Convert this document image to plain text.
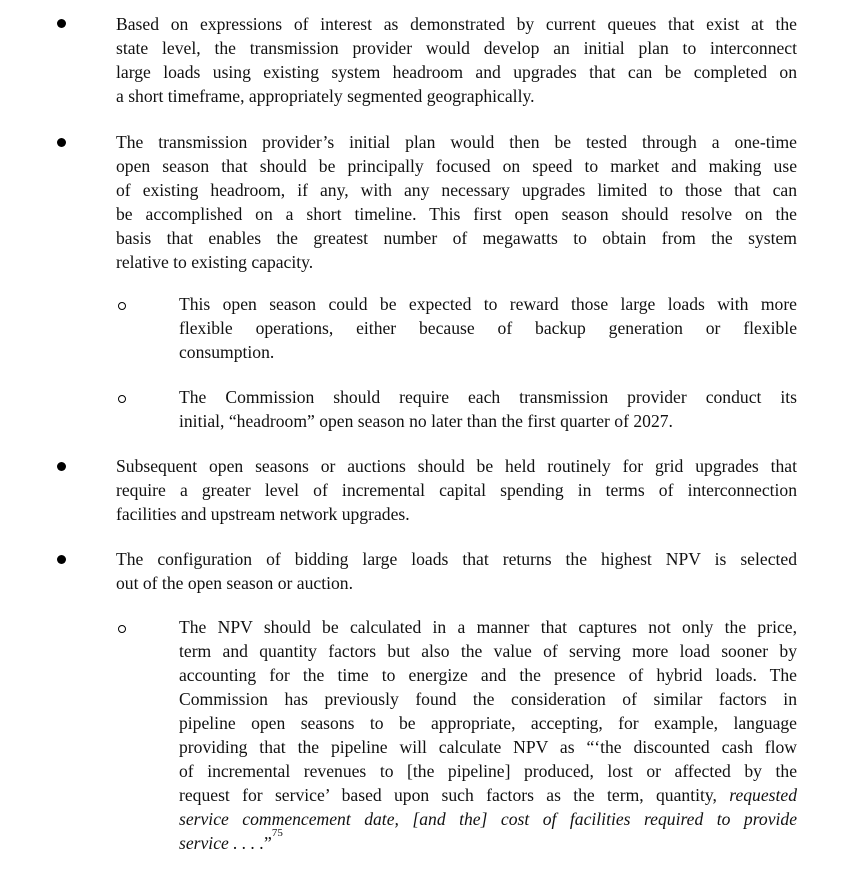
Based on expressions of interest as demonstrated by current queues that exist at the
state level, the transmission provider would develop an initial plan to interconnect
large loads using existing system headroom and upgrades that can be completed on
a short timeframe, appropriately segmented geographically.
The transmission provider’s initial plan would then be tested through a one-time
open season that should be principally focused on speed to market and making use
of existing headroom, if any, with any necessary upgrades limited to those that can
be accomplished on a short timeline. This first open season should resolve on the
basis that enables the greatest number of megawatts to obtain from the system
relative to existing capacity.
This open season could be expected to reward those large loads with more
flexible operations, either because of backup generation or flexible
consumption.
The Commission should require each transmission provider conduct its
initial, “headroom” open season no later than the first quarter of 2027.
Subsequent open seasons or auctions should be held routinely for grid upgrades that
require a greater level of incremental capital spending in terms of interconnection
facilities and upstream network upgrades.
The configuration of bidding large loads that returns the highest NPV is selected
out of the open season or auction.
The NPV should be calculated in a manner that captures not only the price,
term and quantity factors but also the value of serving more load sooner by
accounting for the time to energize and the presence of hybrid loads. The
Commission has previously found the consideration of similar factors in
pipeline open seasons to be appropriate, accepting, for example, language
providing that the pipeline will calculate NPV as “‘the discounted cash flow
of incremental revenues to [the pipeline] produced, lost or affected by the
request for service’ based upon such factors as the term, quantity, requested
service commencement date, [and the] cost of facilities required to provide
service . . . .”$^{75}$
